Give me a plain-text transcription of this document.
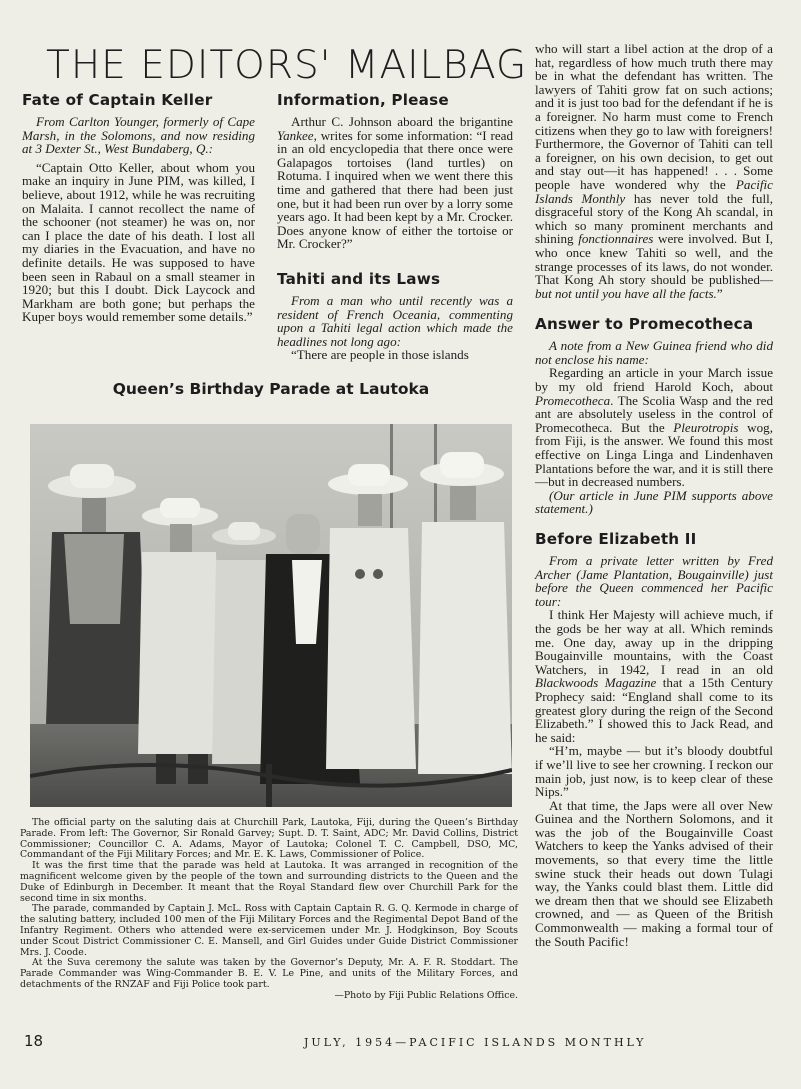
THE EDITORS' MAILBAG
Fate of Captain Keller

From Carlton Younger, formerly of Cape Marsh, in the Solomons, and now residing at 3 Dexter St., West Bundaberg, Q.:

“Captain Otto Keller, about whom you make an inquiry in June PIM, was killed, I believe, about 1912, while he was recruiting on Malaita. I cannot recollect the name of the schooner (not steamer) he was on, nor can I place the date of his death. I lost all my diaries in the Evacuation, and have no definite details. He was supposed to have been seen in Rabaul on a small steamer in 1920; but this I doubt. Dick Laycock and Markham are both gone; but perhaps the Kuper boys would remember some details.”

Information, Please

Arthur C. Johnson aboard the brigantine Yankee, writes for some information: “I read in an old encyclopedia that there once were Galapagos tortoises (land turtles) on Rotuma. I inquired when we went there this time and gathered that there had been just one, but it had been run over by a lorry some years ago. It had been kept by a Mr. Crocker. Does anyone know of either the tortoise or Mr. Crocker?”

Tahiti and its Laws

From a man who until recently was a resident of French Oceania, commenting upon a Tahiti legal action which made the headlines not long ago:

“There are people in those islands

who will start a libel action at the drop of a hat, regardless of how much truth there may be in what the defendant has written. The lawyers of Tahiti grow fat on such actions; and it is just too bad for the defendant if he is a foreigner. No harm must come to French citizens when they go to law with foreigners! Furthermore, the Governor of Tahiti can tell a foreigner, on his own decision, to get out and stay out—it has happened! . . . Some people have wondered why the Pacific Islands Monthly has never told the full, disgraceful story of the Kong Ah scandal, in which so many prominent merchants and shining fonctionnaires were involved. But I, who once knew Tahiti so well, and the strange processes of its laws, do not wonder. That Kong Ah story should be published—but not until you have all the facts.”

Answer to Promecotheca

A note from a New Guinea friend who did not enclose his name:

Regarding an article in your March issue by my old friend Harold Koch, about Promecotheca. The Scolia Wasp and the red ant are absolutely useless in the control of Promecotheca. But the Pleurotropis wog, from Fiji, is the answer. We found this most effective on Linga Linga and Lindenhaven Plantations before the war, and it is still there—but in decreased numbers.

(Our article in June PIM supports above statement.)

Before Elizabeth II

From a private letter written by Fred Archer (Jame Plantation, Bougainville) just before the Queen commenced her Pacific tour:

I think Her Majesty will achieve much, if the gods be her way at all. Which reminds me. One day, away up in the dripping Bougainville mountains, with the Coast Watchers, in 1942, I read in an old Blackwoods Magazine that a 15th Century Prophecy said: “England shall come to its greatest glory during the reign of the Second Elizabeth.” I showed this to Jack Read, and he said:

“H’m, maybe — but it’s bloody doubtful if we’ll live to see her crowning. I reckon our main job, just now, is to keep clear of these Nips.”

At that time, the Japs were all over New Guinea and the Northern Solomons, and it was the job of the Bougainville Coast Watchers to keep the Yanks advised of their movements, so that every time the little swine stuck their heads out down Tulagi way, the Yanks could blast them. Little did we dream then that we should see Elizabeth crowned, and — as Queen of the British Commonwealth — making a formal tour of the South Pacific!

Queen’s Birthday Parade at Lautoka

The official party on the saluting dais at Churchill Park, Lautoka, Fiji, during the Queen’s Birthday Parade. From left: The Governor, Sir Ronald Garvey; Supt. D. T. Saint, ADC; Mr. David Collins, District Commissioner; Councillor C. A. Adams, Mayor of Lautoka; Colonel T. C. Campbell, DSO, MC, Commandant of the Fiji Military Forces; and Mr. E. K. Laws, Commissioner of Police.

It was the first time that the parade was held at Lautoka. It was arranged in recognition of the magnificent welcome given by the people of the town and surrounding districts to the Queen and the Duke of Edinburgh in December. It meant that the Royal Standard flew over Churchill Park for the second time in six months.

The parade, commanded by Captain J. McL. Ross with Captain Captain R. G. Q. Kermode in charge of the saluting battery, included 100 men of the Fiji Military Forces and the Regimental Depot Band of the Infantry Regiment. Others who attended were ex-servicemen under Mr. J. Hodgkinson, Boy Scouts under Scout District Commissioner C. E. Mansell, and Girl Guides under Guide District Commissioner Mrs. J. Coode.

At the Suva ceremony the salute was taken by the Governor’s Deputy, Mr. A. F. R. Stoddart. The Parade Commander was Wing-Commander B. E. V. Le Pine, and units of the Military Forces, and detachments of the RNZAF and Fiji Police took part.

—Photo by Fiji Public Relations Office.

18	JULY, 1954—PACIFIC ISLANDS MONTHLY
